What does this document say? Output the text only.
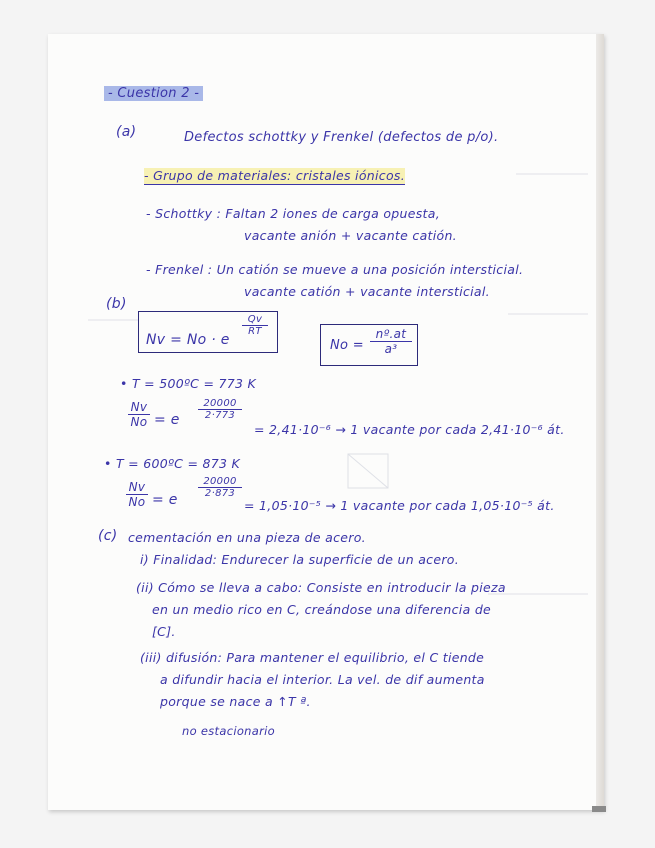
- Cuestion 2 -
(a)	Defectos schottky y Frenkel (defectos de p/o).
- Grupo de materiales: cristales iónicos.
- Schottky : Faltan 2 iones de carga opuesta,
vacante anión + vacante catión.
- Frenkel : Un catión se mueve a una posición intersticial.
vacante catión + vacante intersticial.
(b)
Nv = No · e
Qv
RT
No =
nº.at
a³
• T = 500ºC = 773 K
Nv
No = e
20000
2·773
= 2,41·10⁻⁶ → 1 vacante por cada 2,41·10⁻⁶ át.
• T = 600ºC = 873 K
Nv
No = e
20000
2·873
= 1,05·10⁻⁵ → 1 vacante por cada 1,05·10⁻⁵ át.
(c) cementación en una pieza de acero.
i) Finalidad: Endurecer la superficie de un acero.
(ii) Cómo se lleva a cabo: Consiste en introducir la pieza
en un medio rico en C, creándose una diferencia de
[C].
(iii) difusión: Para mantener el equilibrio, el C tiende
a difundir hacia el interior. La vel. de dif aumenta
porque se nace a ↑T ª.
no estacionario
